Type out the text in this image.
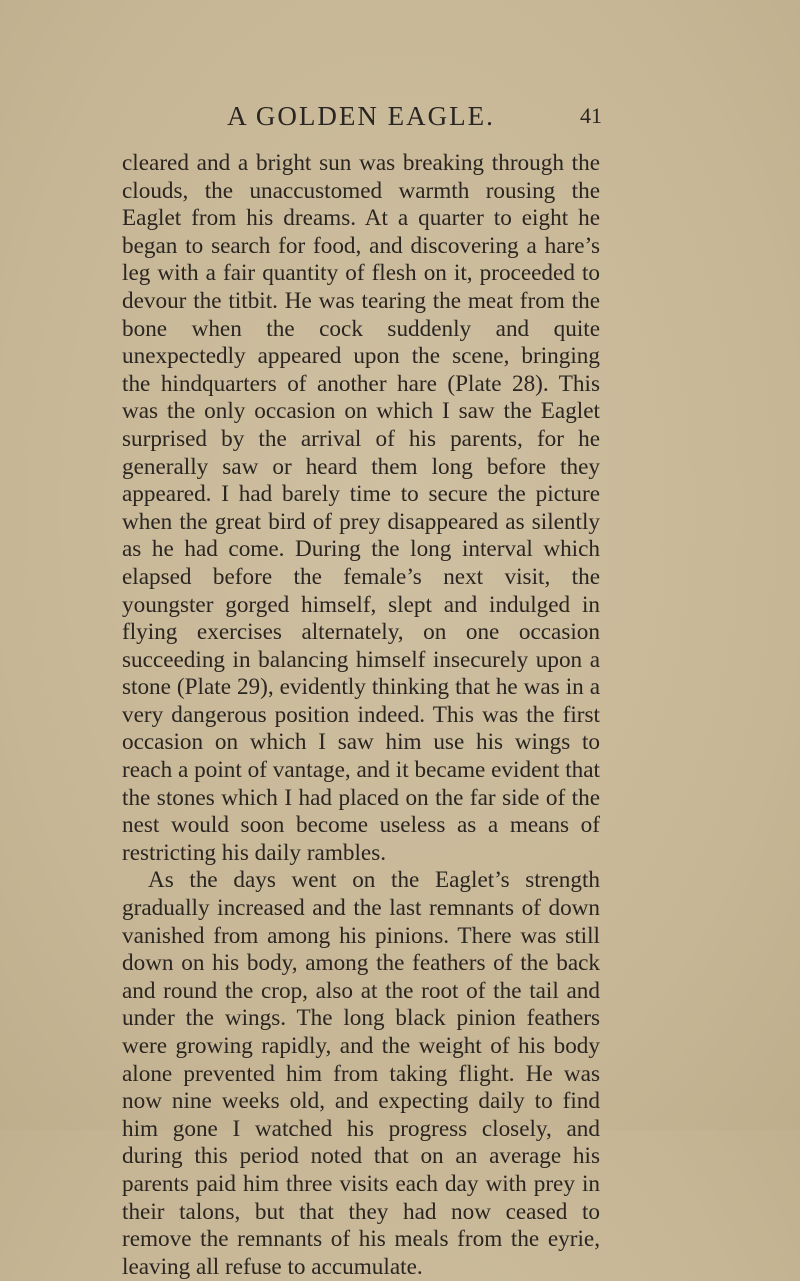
A GOLDEN EAGLE.	41

cleared and a bright sun was breaking through the clouds, the unaccustomed warmth rousing the Eaglet from his dreams. At a quarter to eight he began to search for food, and discovering a hare’s leg with a fair quantity of flesh on it, proceeded to devour the titbit. He was tearing the meat from the bone when the cock suddenly and quite unexpectedly appeared upon the scene, bringing the hindquarters of another hare (Plate 28). This was the only occasion on which I saw the Eaglet surprised by the arrival of his parents, for he generally saw or heard them long before they appeared. I had barely time to secure the picture when the great bird of prey disappeared as silently as he had come. During the long interval which elapsed before the female’s next visit, the youngster gorged himself, slept and indulged in flying exercises alternately, on one occasion succeeding in balancing himself insecurely upon a stone (Plate 29), evidently thinking that he was in a very dangerous position indeed. This was the first occasion on which I saw him use his wings to reach a point of vantage, and it became evident that the stones which I had placed on the far side of the nest would soon become useless as a means of restricting his daily rambles.

As the days went on the Eaglet’s strength gradually increased and the last remnants of down vanished from among his pinions. There was still down on his body, among the feathers of the back and round the crop, also at the root of the tail and under the wings. The long black pinion feathers were growing rapidly, and the weight of his body alone prevented him from taking flight. He was now nine weeks old, and expecting daily to find him gone I watched his progress closely, and during this period noted that on an average his parents paid him three visits each day with prey in their talons, but that they had now ceased to remove the remnants of his meals from the eyrie, leaving all refuse to accumulate.
